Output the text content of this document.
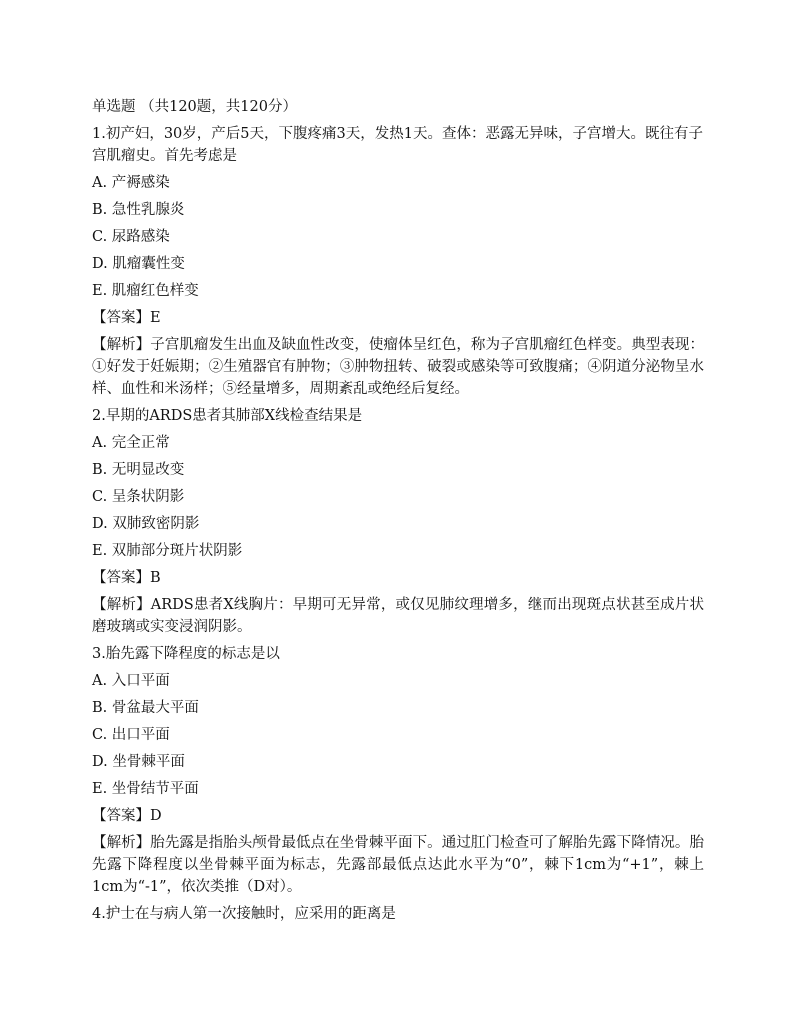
单选题 （共120题，共120分）

1.初产妇，30岁，产后5天，下腹疼痛3天，发热1天。查体：恶露无异味，子宫增大。既往有子宫肌瘤史。首先考虑是

A. 产褥感染

B. 急性乳腺炎

C. 尿路感染

D. 肌瘤囊性变

E. 肌瘤红色样变

【答案】E

【解析】子宫肌瘤发生出血及缺血性改变，使瘤体呈红色，称为子宫肌瘤红色样变。典型表现：①好发于妊娠期；②生殖器官有肿物；③肿物扭转、破裂或感染等可致腹痛；④阴道分泌物呈水样、血性和米汤样；⑤经量增多，周期紊乱或绝经后复经。

2.早期的ARDS患者其肺部X线检查结果是

A. 完全正常

B. 无明显改变

C. 呈条状阴影

D. 双肺致密阴影

E. 双肺部分斑片状阴影

【答案】B

【解析】ARDS患者X线胸片：早期可无异常，或仅见肺纹理增多，继而出现斑点状甚至成片状磨玻璃或实变浸润阴影。

3.胎先露下降程度的标志是以

A. 入口平面

B. 骨盆最大平面

C. 出口平面

D. 坐骨棘平面

E. 坐骨结节平面

【答案】D

【解析】胎先露是指胎头颅骨最低点在坐骨棘平面下。通过肛门检查可了解胎先露下降情况。胎先露下降程度以坐骨棘平面为标志，先露部最低点达此水平为“0”，棘下1cm为“+1”，棘上1cm为“-1”，依次类推（D对）。

4.护士在与病人第一次接触时，应采用的距离是
